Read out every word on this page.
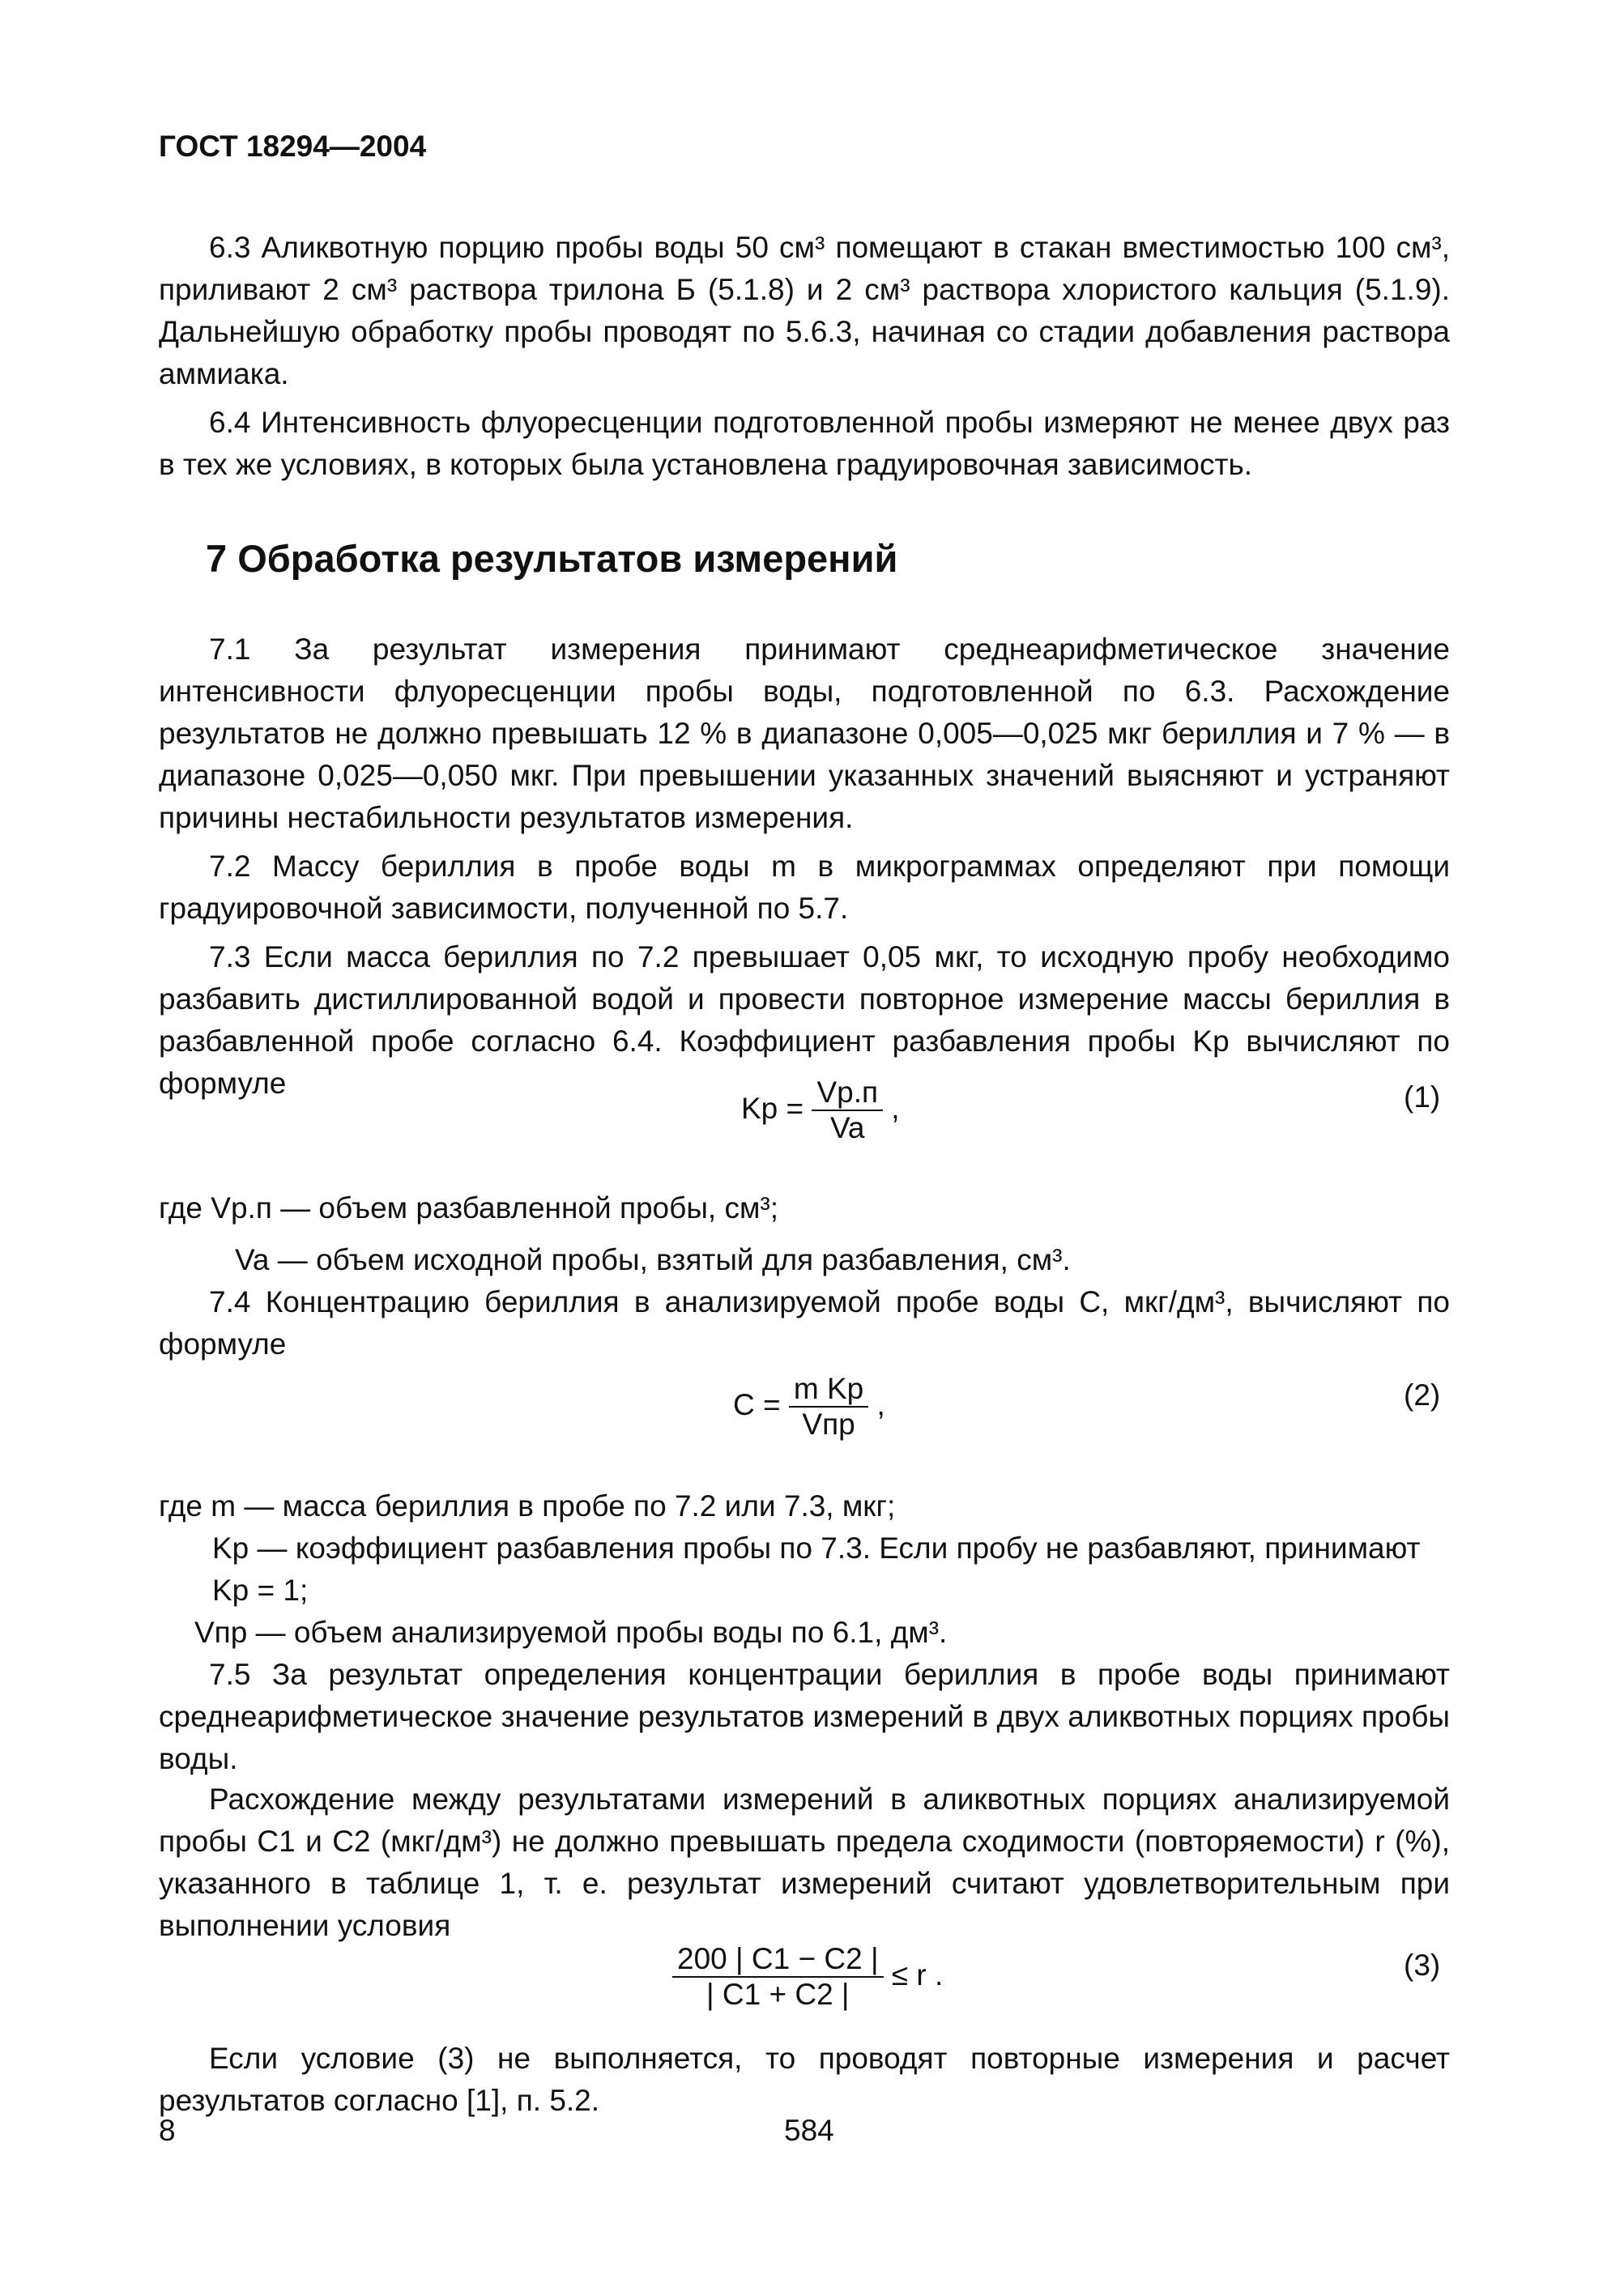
ГОСТ 18294—2004

6.3 Аликвотную порцию пробы воды 50 см³ помещают в стакан вместимостью 100 см³, приливают 2 см³ раствора трилона Б (5.1.8) и 2 см³ раствора хлористого кальция (5.1.9). Дальнейшую обработку пробы проводят по 5.6.3, начиная со стадии добавления раствора аммиака.

6.4 Интенсивность флуоресценции подготовленной пробы измеряют не менее двух раз в тех же условиях, в которых была установлена градуировочная зависимость.

7 Обработка результатов измерений

7.1 За результат измерения принимают среднеарифметическое значение интенсивности флуоресценции пробы воды, подготовленной по 6.3. Расхождение результатов не должно превышать 12 % в диапазоне 0,005—0,025 мкг бериллия и 7 % — в диапазоне 0,025—0,050 мкг. При превышении указанных значений выясняют и устраняют причины нестабильности результатов измерения.

7.2 Массу бериллия в пробе воды m в микрограммах определяют при помощи градуировочной зависимости, полученной по 5.7.

7.3 Если масса бериллия по 7.2 превышает 0,05 мкг, то исходную пробу необходимо разбавить дистиллированной водой и провести повторное измерение массы бериллия в разбавленной пробе согласно 6.4. Коэффициент разбавления пробы Kр вычисляют по формуле

Kр = $\frac{Vр.п}{Va}$ ,	(1)
где Vр.п — объем разбавленной пробы, см³;
Va — объем исходной пробы, взятый для разбавления, см³.
7.4 Концентрацию бериллия в анализируемой пробе воды C, мкг/дм³, вычисляют по формуле
$C = \frac{\text{m Kр}}{\text{Vпр}}$ ,	(2)
где m — масса бериллия в пробе по 7.2 или 7.3, мкг;
Kр — коэффициент разбавления пробы по 7.3. Если пробу не разбавляют, принимают Kр = 1;
Vпр — объем анализируемой пробы воды по 6.1, дм³.
7.5 За результат определения концентрации бериллия в пробе воды принимают среднеарифметическое значение результатов измерений в двух аликвотных порциях пробы воды.
Расхождение между результатами измерений в аликвотных порциях анализируемой пробы C1 и C2 (мкг/дм³) не должно превышать предела сходимости (повторяемости) r (%), указанного в таблице 1, т. е. результат измерений считают удовлетворительным при выполнении условия
$\frac{200 | C1 - C2 |}{| C1 + C2 |} \le r$ .	(3)
Если условие (3) не выполняется, то проводят повторные измерения и расчет результатов согласно [1], п. 5.2.
8	584
